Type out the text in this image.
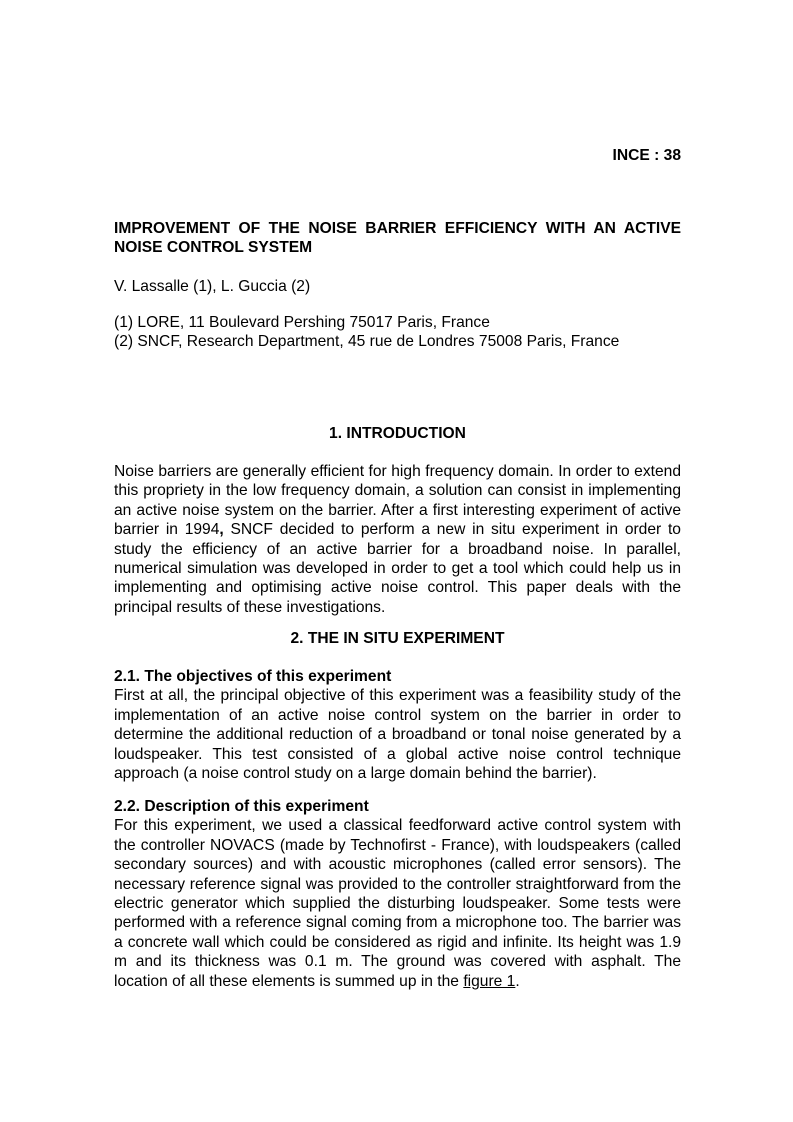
INCE : 38
IMPROVEMENT OF THE NOISE BARRIER EFFICIENCY WITH AN ACTIVE NOISE CONTROL SYSTEM
V. Lassalle (1), L. Guccia (2)
(1) LORE, 11 Boulevard Pershing 75017 Paris, France
(2) SNCF, Research Department, 45 rue de Londres 75008 Paris, France
1. INTRODUCTION

Noise barriers are generally efficient for high frequency domain. In order to extend this propriety in the low frequency domain, a solution can consist in implementing an active noise system on the barrier. After a first interesting experiment of active barrier in 1994, SNCF decided to perform a new in situ experiment in order to study the efficiency of an active barrier for a broadband noise. In parallel, numerical simulation was developed in order to get a tool which could help us in implementing and optimising active noise control. This paper deals with the principal results of these investigations.

2. THE IN SITU EXPERIMENT

2.1. The objectives of this experiment
First at all, the principal objective of this experiment was a feasibility study of the implementation of an active noise control system on the barrier in order to determine the additional reduction of a broadband or tonal noise generated by a loudspeaker. This test consisted of a global active noise control technique approach (a noise control study on a large domain behind the barrier).

2.2. Description of this experiment
For this experiment, we used a classical feedforward active control system with the controller NOVACS (made by Technofirst - France), with loudspeakers (called secondary sources) and with acoustic microphones (called error sensors). The necessary reference signal was provided to the controller straightforward from the electric generator which supplied the disturbing loudspeaker. Some tests were performed with a reference signal coming from a microphone too. The barrier was a concrete wall which could be considered as rigid and infinite. Its height was 1.9 m and its thickness was 0.1 m. The ground was covered with asphalt. The location of all these elements is summed up in the figure 1.
